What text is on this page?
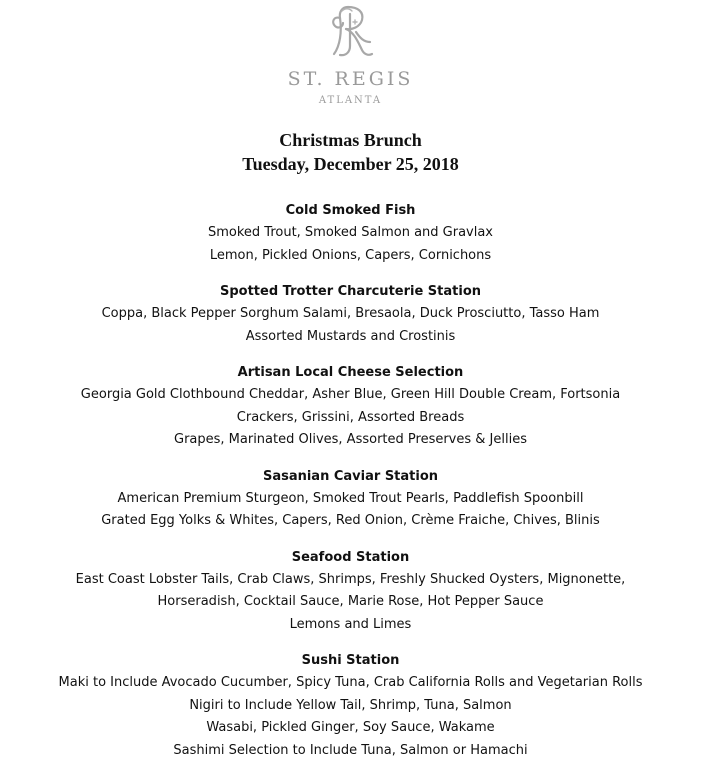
ST. REGIS
ATLANTA
Christmas Brunch
Tuesday, December 25, 2018
Cold Smoked Fish
Smoked Trout, Smoked Salmon and Gravlax
Lemon, Pickled Onions, Capers, Cornichons
Spotted Trotter Charcuterie Station
Coppa, Black Pepper Sorghum Salami, Bresaola, Duck Prosciutto, Tasso Ham
Assorted Mustards and Crostinis
Artisan Local Cheese Selection
Georgia Gold Clothbound Cheddar, Asher Blue, Green Hill Double Cream, Fortsonia
Crackers, Grissini, Assorted Breads
Grapes, Marinated Olives, Assorted Preserves & Jellies
Sasanian Caviar Station
American Premium Sturgeon, Smoked Trout Pearls, Paddlefish Spoonbill
Grated Egg Yolks & Whites, Capers, Red Onion, Crème Fraiche, Chives, Blinis
Seafood Station
East Coast Lobster Tails, Crab Claws, Shrimps, Freshly Shucked Oysters, Mignonette,
Horseradish, Cocktail Sauce, Marie Rose, Hot Pepper Sauce
Lemons and Limes
Sushi Station
Maki to Include Avocado Cucumber, Spicy Tuna, Crab California Rolls and Vegetarian Rolls
Nigiri to Include Yellow Tail, Shrimp, Tuna, Salmon
Wasabi, Pickled Ginger, Soy Sauce, Wakame
Sashimi Selection to Include Tuna, Salmon or Hamachi
